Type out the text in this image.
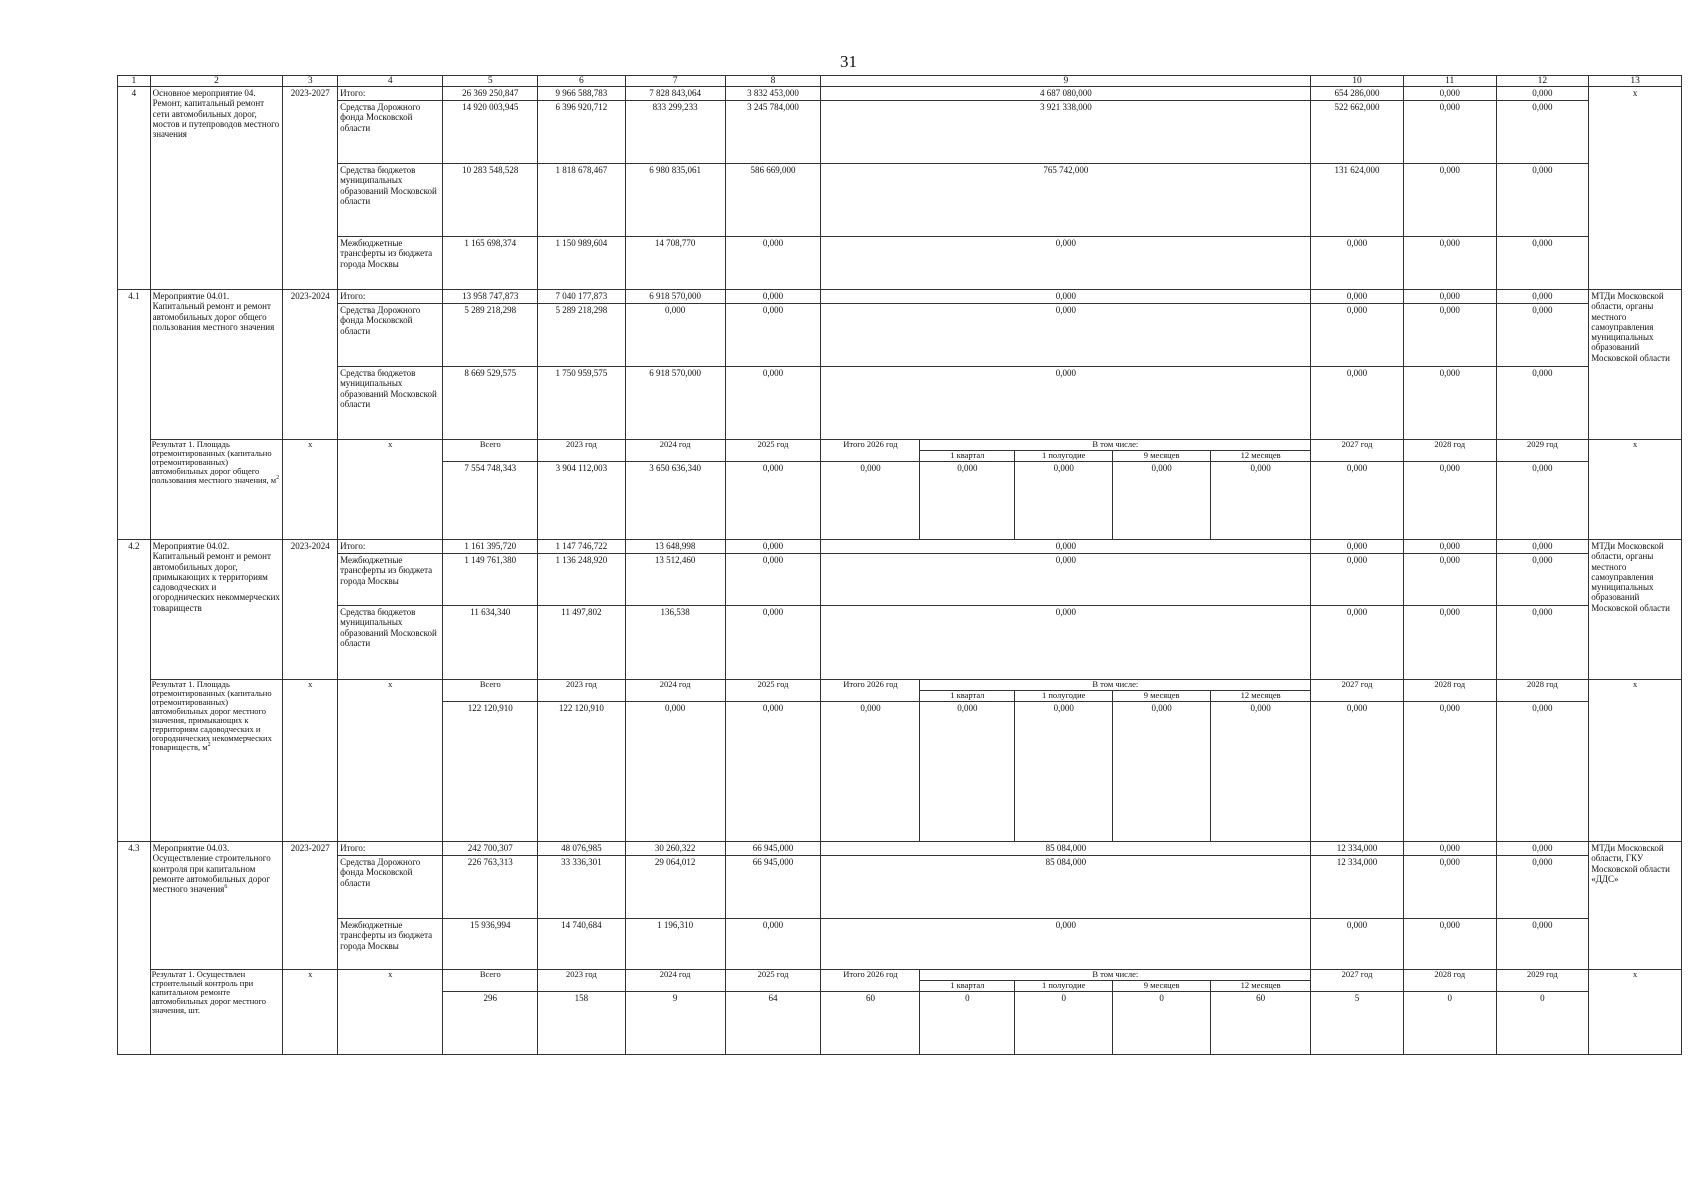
31
1	2	3	4	5	6	7	8	9					10	11	12	13
4	Основное мероприятие 04. Ремонт, капитальный ремонт сети автомобильных дорог, мостов и путепроводов местного значения	2023-2027	Итого:	26 369 250,847	9 966 588,783	7 828 843,064	3 832 453,000	4 687 080,000					654 286,000	0,000	0,000	х
			Средства Дорожного фонда Московской области	14 920 003,945	6 396 920,712	833 299,233	3 245 784,000	3 921 338,000					522 662,000	0,000	0,000	
			Средства бюджетов муниципальных образований Московской области	10 283 548,528	1 818 678,467	6 980 835,061	586 669,000	765 742,000					131 624,000	0,000	0,000	
			Межбюджетные трансферты из бюджета города Москвы	1 165 698,374	1 150 989,604	14 708,770	0,000	0,000					0,000	0,000	0,000	
4.1	Мероприятие 04.01. Капитальный ремонт и ремонт автомобильных дорог общего пользования местного значения	2023-2024	Итого:	13 958 747,873	7 040 177,873	6 918 570,000	0,000	0,000					0,000	0,000	0,000	МТДи Московской области, органы местного самоуправления муниципальных образований Московской области
			Средства Дорожного фонда Московской области	5 289 218,298	5 289 218,298	0,000	0,000	0,000					0,000	0,000	0,000	
			Средства бюджетов муниципальных образований Московской области	8 669 529,575	1 750 959,575	6 918 570,000	0,000	0,000					0,000	0,000	0,000	
	Результат 1. Площадь отремонтированных (капитально отремонтированных) автомобильных дорог общего пользования местного значения, $м^2$	х	х	Всего	2023 год	2024 год	2025 год	Итого 2026 год	В том числе:				2027 год	2028 год	2029 год	х
									1 квартал	1 полугодие	9 месяцев	12 месяцев				
				7 554 748,343	3 904 112,003	3 650 636,340	0,000	0,000	0,000	0,000	0,000	0,000	0,000	0,000	0,000	
4.2	Мероприятие 04.02. Капитальный ремонт и ремонт автомобильных дорог, примыкающих к территориям садоводческих и огороднических некоммерческих товариществ	2023-2024	Итого:	1 161 395,720	1 147 746,722	13 648,998	0,000	0,000					0,000	0,000	0,000	МТДи Московской области, органы местного самоуправления муниципальных образований Московской области
			Межбюджетные трансферты из бюджета города Москвы	1 149 761,380	1 136 248,920	13 512,460	0,000	0,000					0,000	0,000	0,000	
			Средства бюджетов муниципальных образований Московской области	11 634,340	11 497,802	136,538	0,000	0,000					0,000	0,000	0,000	
	Результат 1. Площадь отремонтированных (капитально отремонтированных) автомобильных дорог местного значения, примыкающих к территориям садоводческих и огороднических некоммерческих товариществ, $м^2$	х	х	Всего	2023 год	2024 год	2025 год	Итого 2026 год	В том числе:				2027 год	2028 год	2028 год	х
									1 квартал	1 полугодие	9 месяцев	12 месяцев				
				122 120,910	122 120,910	0,000	0,000	0,000	0,000	0,000	0,000	0,000	0,000	0,000	0,000	
4.3	Мероприятие 04.03. Осуществление строительного контроля при капитальном ремонте автомобильных дорог местного значения$^6$	2023-2027	Итого:	242 700,307	48 076,985	30 260,322	66 945,000	85 084,000					12 334,000	0,000	0,000	МТДи Московской области, ГКУ Московской области «ДДС»
			Средства Дорожного фонда Московской области	226 763,313	33 336,301	29 064,012	66 945,000	85 084,000					12 334,000	0,000	0,000	
			Межбюджетные трансферты из бюджета города Москвы	15 936,994	14 740,684	1 196,310	0,000	0,000					0,000	0,000	0,000	
	Результат 1. Осуществлен строительный контроль при капитальном ремонте автомобильных дорог местного значения, шт.	х	х	Всего	2023 год	2024 год	2025 год	Итого 2026 год	В том числе:				2027 год	2028 год	2029 год	х
									1 квартал	1 полугодие	9 месяцев	12 месяцев				
				296	158	9	64	60	0	0	0	60	5	0	0	
